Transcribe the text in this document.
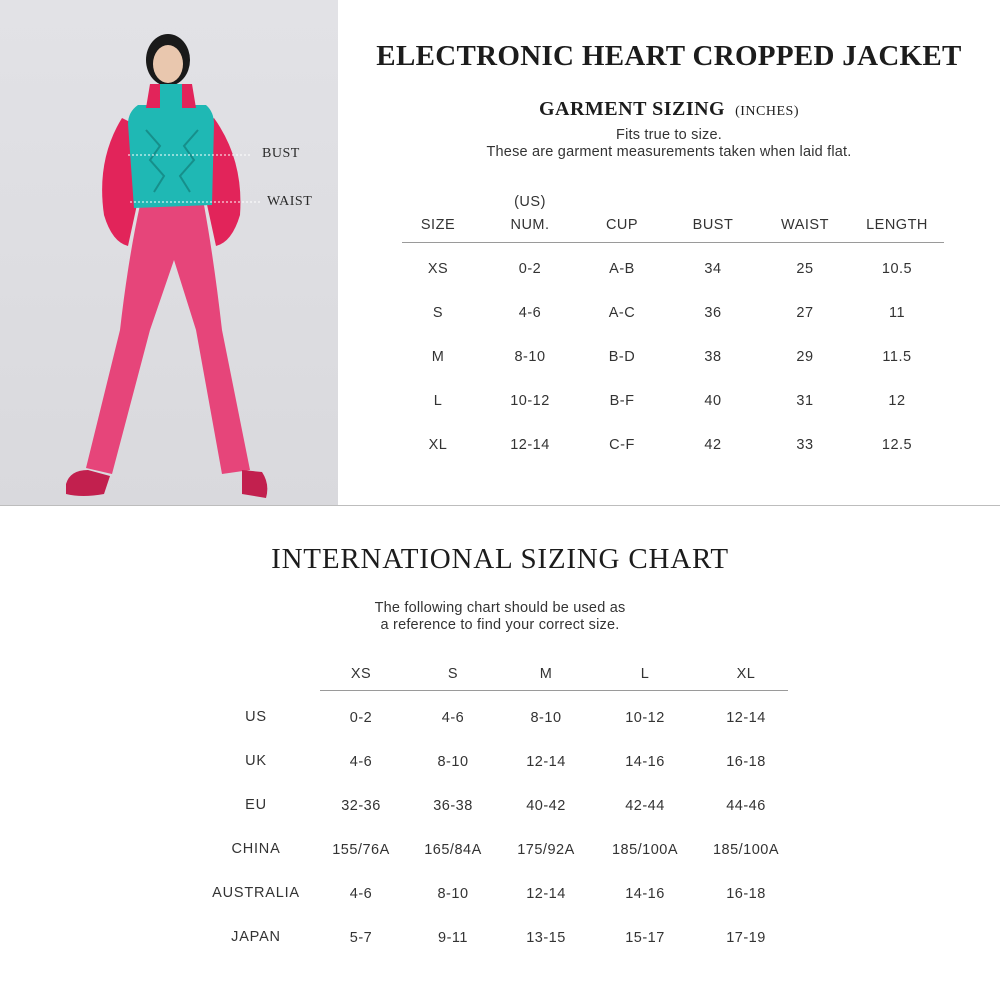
BUST
WAIST
ELECTRONIC HEART CROPPED JACKET
GARMENT SIZING (INCHES)
Fits true to size.
These are garment measurements taken when laid flat.
SIZE	NUM.	CUP	BUST	WAIST	LENGTH
(US)
XS	0-2	A-B	34	25	10.5
S	4-6	A-C	36	27	11
M	8-10	B-D	38	29	11.5
L	10-12	B-F	40	31	12
XL	12-14	C-F	42	33	12.5
INTERNATIONAL SIZING CHART
The following chart should be used as
a reference to find your correct size.
XS	S	M	L	XL
US	0-2	4-6	8-10	10-12	12-14
UK	4-6	8-10	12-14	14-16	16-18
EU	32-36	36-38	40-42	42-44	44-46
CHINA	155/76A 165/84A 175/92A	185/100A 185/100A
AUSTRALIA	4-6	8-10	12-14	14-16	16-18
JAPAN	5-7	9-11	13-15	15-17	17-19
